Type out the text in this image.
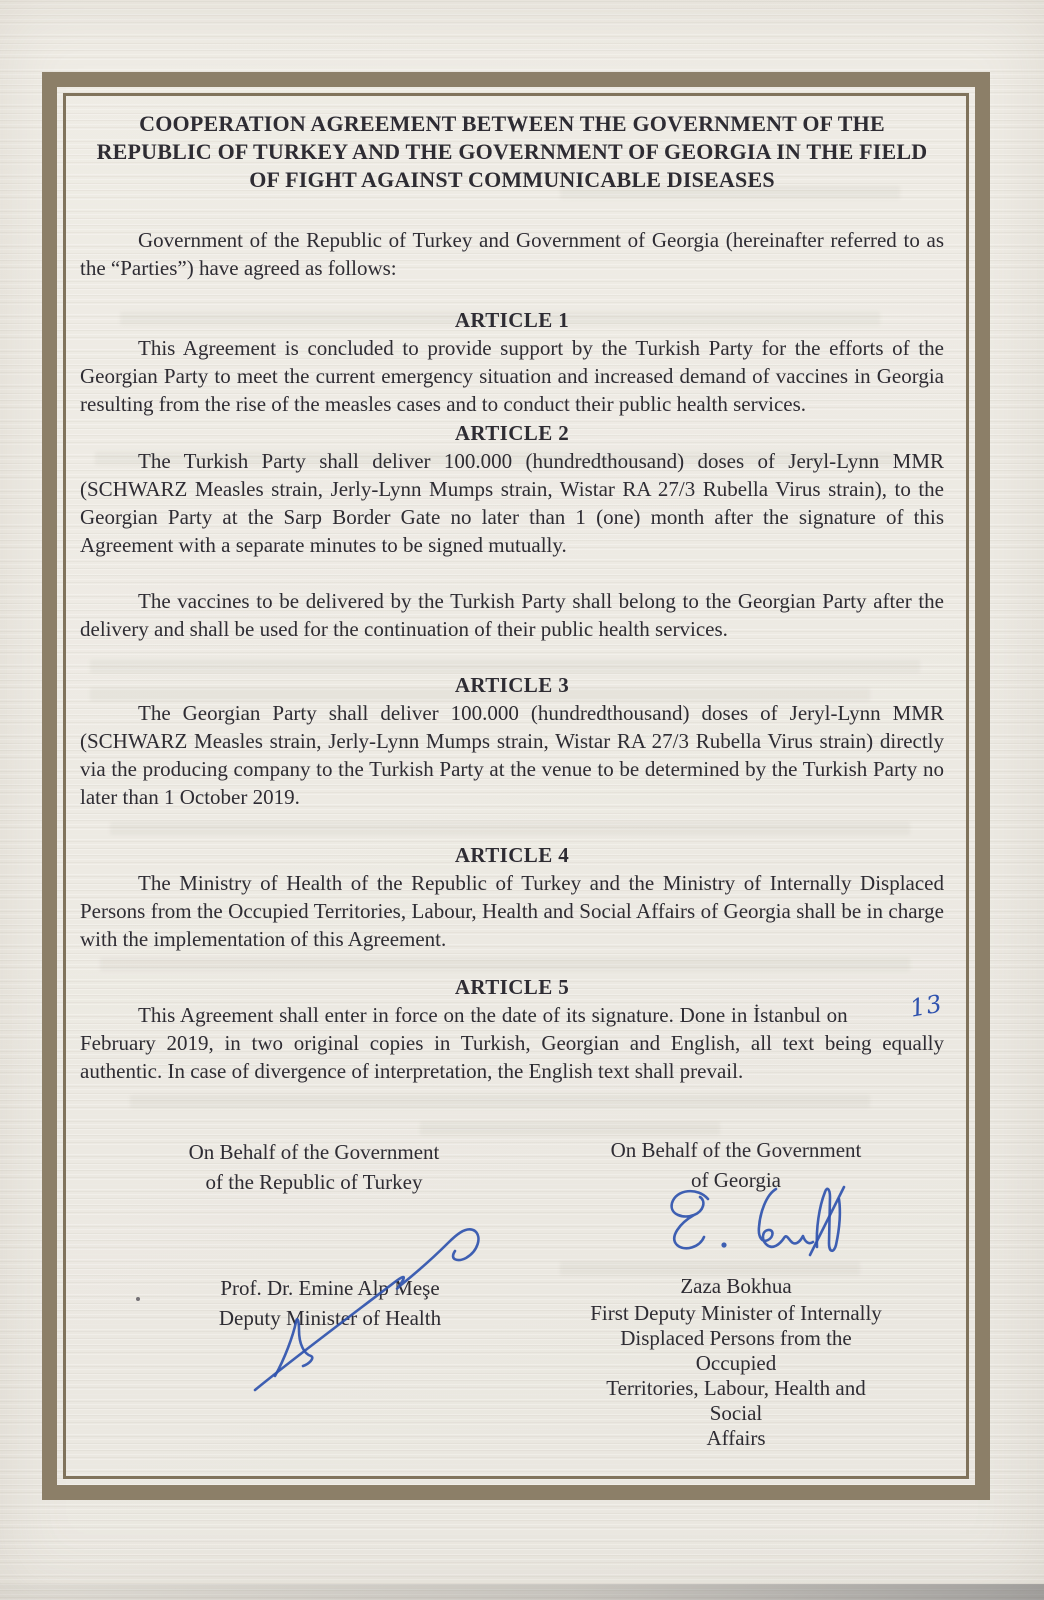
COOPERATION AGREEMENT BETWEEN THE GOVERNMENT OF THE
REPUBLIC OF TURKEY AND THE GOVERNMENT OF GEORGIA IN THE FIELD
OF FIGHT AGAINST COMMUNICABLE DISEASES

Government of the Republic of Turkey and Government of Georgia (hereinafter referred to as the “Parties”) have agreed as follows:

ARTICLE 1

This Agreement is concluded to provide support by the Turkish Party for the efforts of the Georgian Party to meet the current emergency situation and increased demand of vaccines in Georgia resulting from the rise of the measles cases and to conduct their public health services.

ARTICLE 2

The Turkish Party shall deliver 100.000 (hundredthousand) doses of Jeryl-Lynn MMR (SCHWARZ Measles strain, Jerly-Lynn Mumps strain, Wistar RA 27/3 Rubella Virus strain), to the Georgian Party at the Sarp Border Gate no later than 1 (one) month after the signature of this Agreement with a separate minutes to be signed mutually.

The vaccines to be delivered by the Turkish Party shall belong to the Georgian Party after the delivery and shall be used for the continuation of their public health services.

ARTICLE 3

The Georgian Party shall deliver 100.000 (hundredthousand) doses of Jeryl-Lynn MMR (SCHWARZ Measles strain, Jerly-Lynn Mumps strain, Wistar RA 27/3 Rubella Virus strain) directly via the producing company to the Turkish Party at the venue to be determined by the Turkish Party no later than 1 October 2019.

ARTICLE 4

The Ministry of Health of the Republic of Turkey and the Ministry of Internally Displaced Persons from the Occupied Territories, Labour, Health and Social Affairs of Georgia shall be in charge with the implementation of this Agreement.

ARTICLE 5

This Agreement shall enter in force on the date of its signature. Done in İstanbul on 13 February 2019, in two original copies in Turkish, Georgian and English, all text being equally authentic. In case of divergence of interpretation, the English text shall prevail.

On Behalf of the Government
of the Republic of Turkey
On Behalf of the Government
of Georgia
Prof. Dr. Emine Alp Meşe
Deputy Minister of Health
Zaza Bokhua
First Deputy Minister of Internally
Displaced Persons from the Occupied
Territories, Labour, Health and Social
Affairs
